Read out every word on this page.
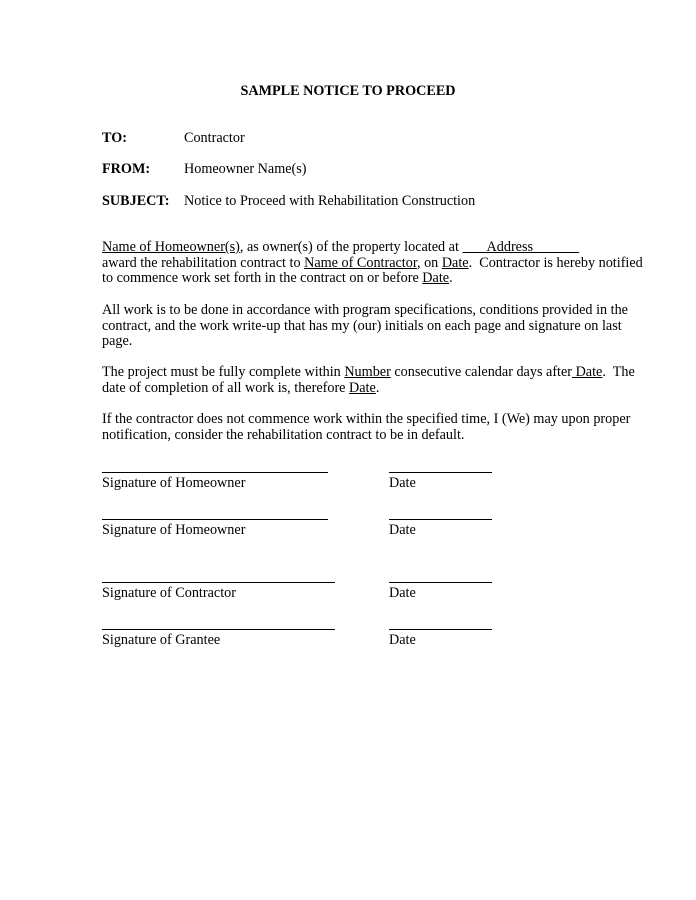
SAMPLE NOTICE TO PROCEED
TO:	Contractor
FROM: Homeowner Name(s)
SUBJECT: Notice to Proceed with Rehabilitation Construction
Name of Homeowner(s), as owner(s) of the property located at        Address
award the rehabilitation contract to Name of Contractor, on Date.  Contractor is hereby notified
to commence work set forth in the contract on or before Date.
All work is to be done in accordance with program specifications, conditions provided in the
contract, and the work write-up that has my (our) initials on each page and signature on last
page.
The project must be fully complete within Number consecutive calendar days after Date.  The
date of completion of all work is, therefore Date.
If the contractor does not commence work within the specified time, I (We) may upon proper
notification, consider the rehabilitation contract to be in default.
Signature of Homeowner	Date
Signature of Homeowner	Date
Signature of Contractor	Date
Signature of Grantee	Date
